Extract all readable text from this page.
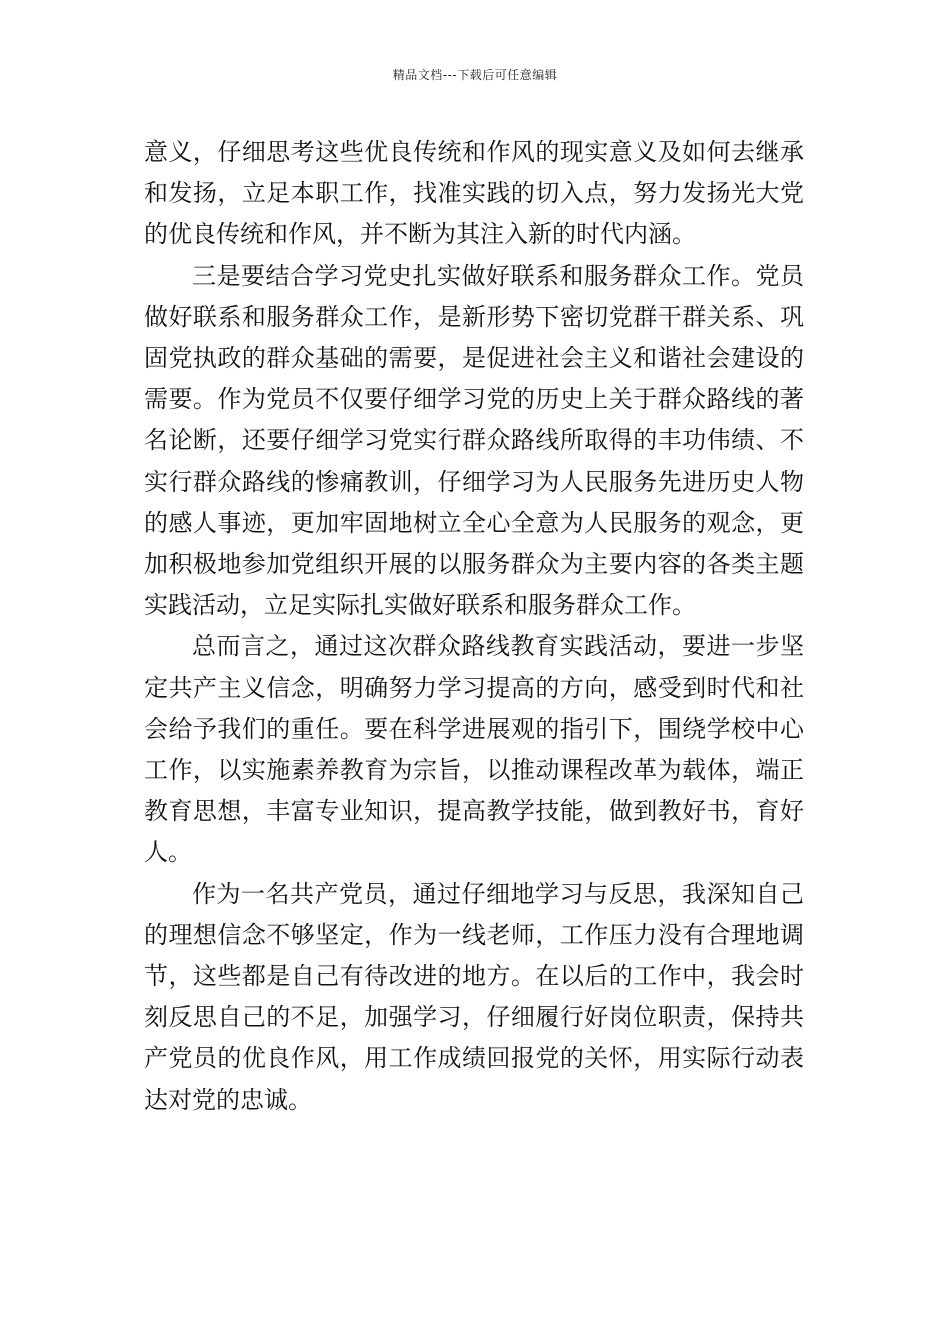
精品文档---下载后可任意编辑

意义，仔细思考这些优良传统和作风的现实意义及如何去继承和发扬，立足本职工作，找准实践的切入点，努力发扬光大党的优良传统和作风，并不断为其注入新的时代内涵。

三是要结合学习党史扎实做好联系和服务群众工作。党员做好联系和服务群众工作，是新形势下密切党群干群关系、巩固党执政的群众基础的需要，是促进社会主义和谐社会建设的需要。作为党员不仅要仔细学习党的历史上关于群众路线的著名论断，还要仔细学习党实行群众路线所取得的丰功伟绩、不实行群众路线的惨痛教训，仔细学习为人民服务先进历史人物的感人事迹，更加牢固地树立全心全意为人民服务的观念，更加积极地参加党组织开展的以服务群众为主要内容的各类主题实践活动，立足实际扎实做好联系和服务群众工作。

总而言之，通过这次群众路线教育实践活动，要进一步坚定共产主义信念，明确努力学习提高的方向，感受到时代和社会给予我们的重任。要在科学进展观的指引下，围绕学校中心工作，以实施素养教育为宗旨，以推动课程改革为载体，端正教育思想，丰富专业知识，提高教学技能，做到教好书，育好人。

作为一名共产党员，通过仔细地学习与反思，我深知自己的理想信念不够坚定，作为一线老师，工作压力没有合理地调节，这些都是自己有待改进的地方。在以后的工作中，我会时刻反思自己的不足，加强学习，仔细履行好岗位职责，保持共产党员的优良作风，用工作成绩回报党的关怀，用实际行动表达对党的忠诚。
